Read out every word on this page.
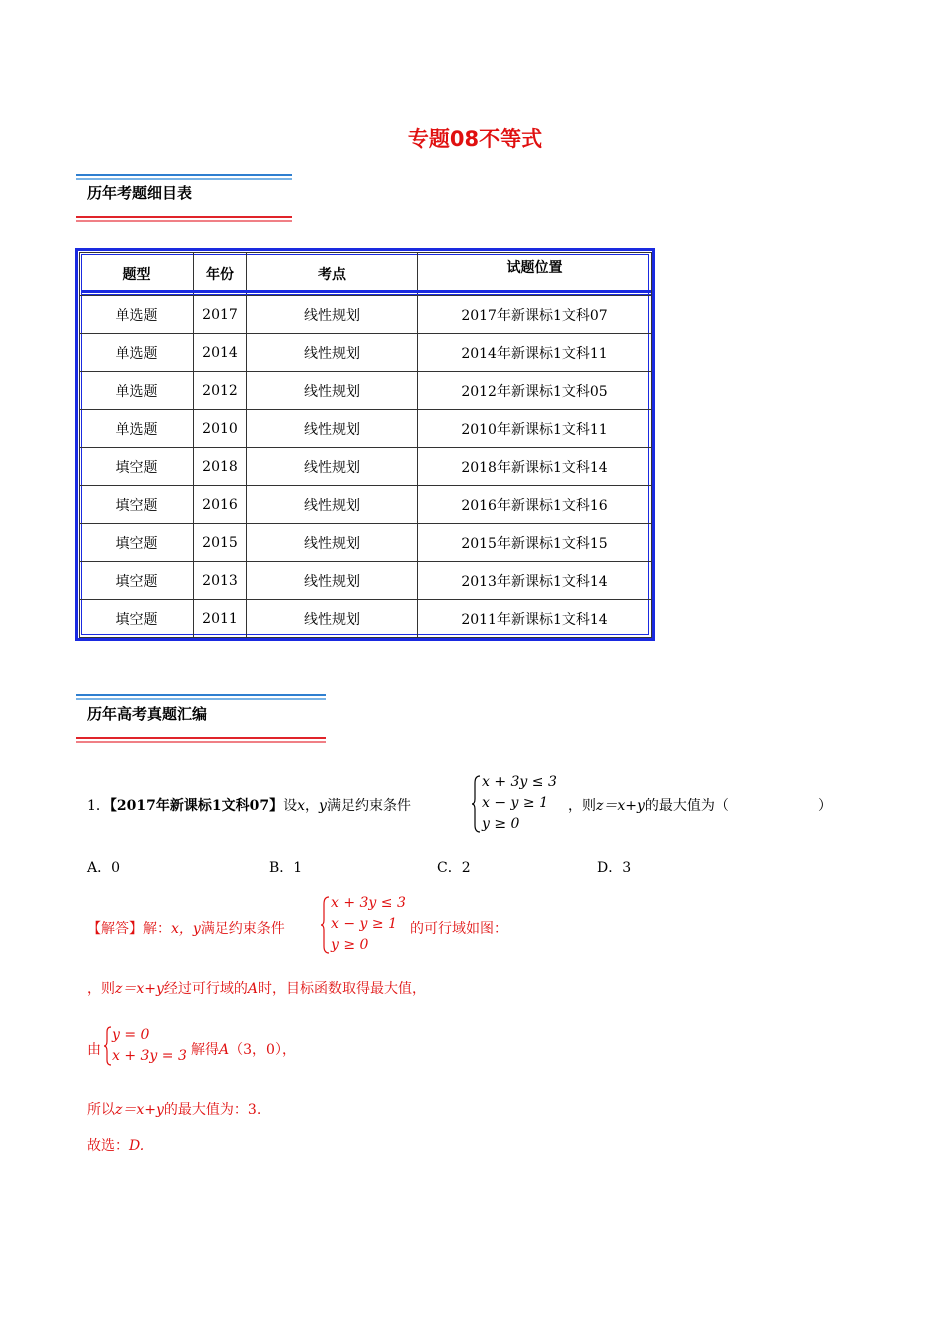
专题08不等式
历年考题细目表
题型	年份	考点	试题位置
单选题	2017	线性规划	2017年新课标1文科07
单选题	2014	线性规划	2014年新课标1文科11
单选题	2012	线性规划	2012年新课标1文科05
单选题	2010	线性规划	2010年新课标1文科11
填空题	2018	线性规划	2018年新课标1文科14
填空题	2016	线性规划	2016年新课标1文科16
填空题	2015	线性规划	2015年新课标1文科15
填空题	2013	线性规划	2013年新课标1文科14
填空题	2011	线性规划	2011年新课标1文科14
历年高考真题汇编
1．【2017年新课标1文科07】设x，y满足约束条件
x + 3y ≤ 3
x − y ≥ 1
y ≥ 0
，则z＝x+y的最大值为（	）
A．0	B．1	C．2	D．3
【解答】解：x，y满足约束条件
x + 3y ≤ 3
x − y ≥ 1
y ≥ 0
的可行域如图：
，则z＝x+y经过可行域的A时，目标函数取得最大值，
由
y = 0
x + 3y = 3 解得A（3，0），
所以z＝x+y的最大值为：3.
故选：D.
